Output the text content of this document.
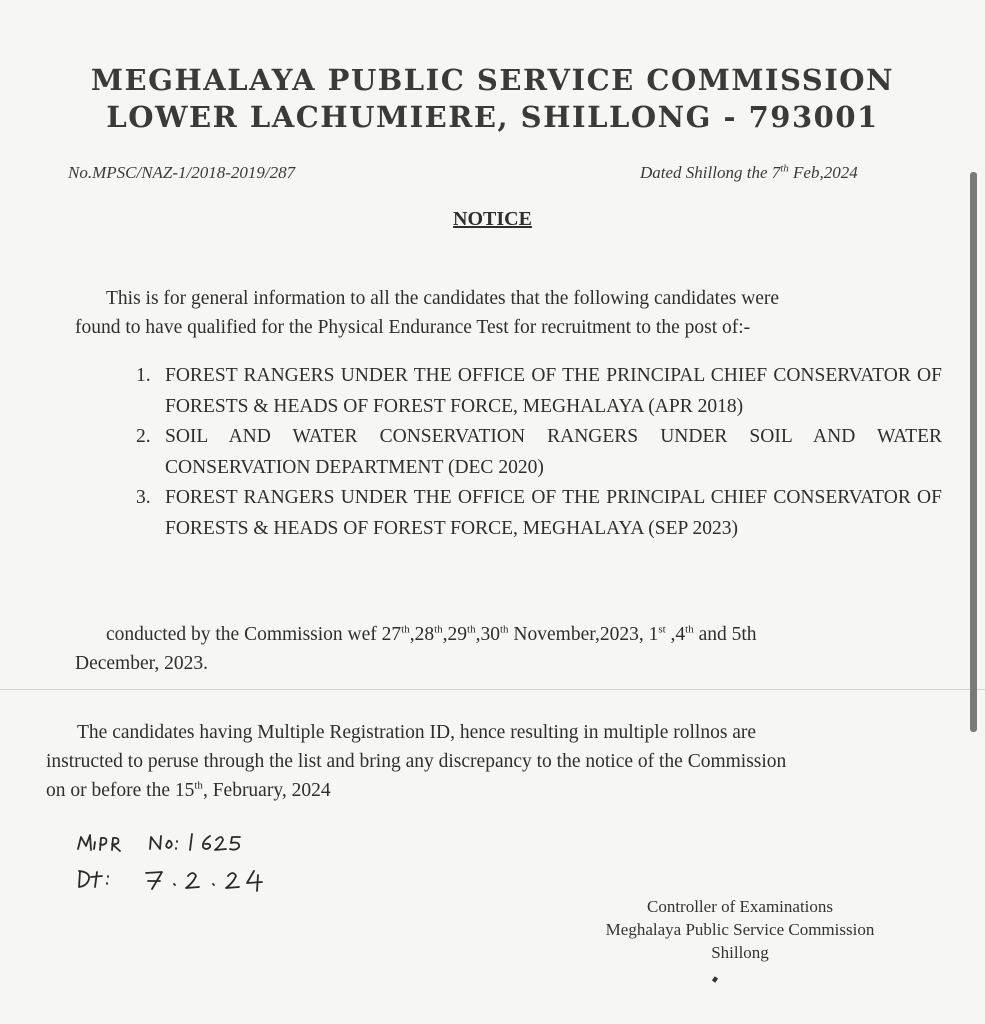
MEGHALAYA PUBLIC SERVICE COMMISSION
LOWER LACHUMIERE, SHILLONG - 793001
No.MPSC/NAZ-1/2018-2019/287	Dated Shillong the 7th Feb,2024
NOTICE
This is for general information to all the candidates that the following candidates were
found to have qualified for the Physical Endurance Test for recruitment to the post of:-
1. FOREST RANGERS UNDER THE OFFICE OF THE PRINCIPAL CHIEF CONSERVATOR OF FORESTS & HEADS OF FOREST FORCE, MEGHALAYA (APR 2018)
2. SOIL AND WATER CONSERVATION RANGERS UNDER SOIL AND WATER CONSERVATION DEPARTMENT (DEC 2020)
3. FOREST RANGERS UNDER THE OFFICE OF THE PRINCIPAL CHIEF CONSERVATOR OF FORESTS & HEADS OF FOREST FORCE, MEGHALAYA (SEP 2023)
conducted by the Commission wef 27th,28th,29th,30th November,2023, 1st ,4th and 5th
December, 2023.
The candidates having Multiple Registration ID, hence resulting in multiple rollnos are
instructed to peruse through the list and bring any discrepancy to the notice of the Commission
on or before the 15th, February, 2024
Controller of Examinations
Meghalaya Public Service Commission
Shillong
